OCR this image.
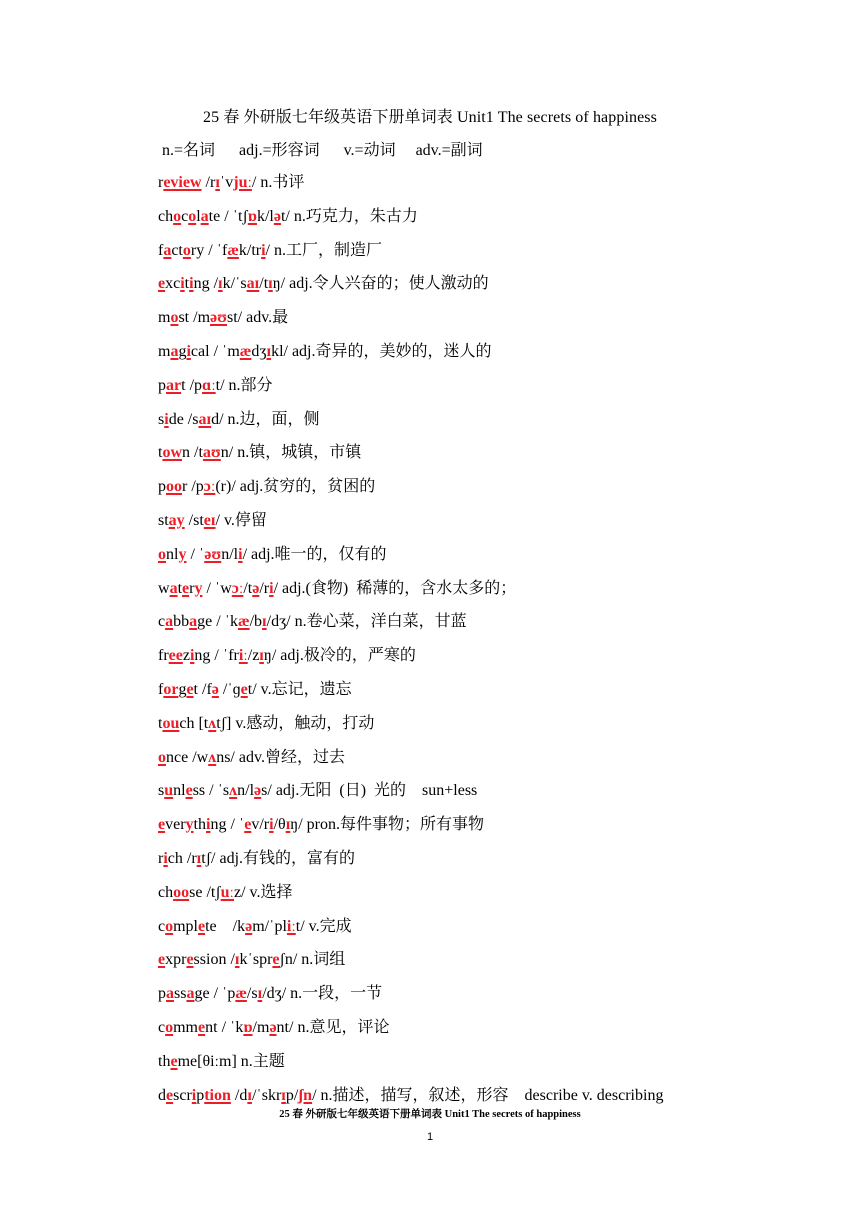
25 春 外研版七年级英语下册单词表 Unit1 The secrets of happiness
n.=名词      adj.=形容词      v.=动词     adv.=副词
review /rɪˈvjuː/ n.书评
chocolate / ˈtʃɒk/lət/ n.巧克力，朱古力
factory / ˈfæk/tri/ n.工厂，制造厂
exciting /ɪk/ˈsaɪ/tɪŋ/ adj.令人兴奋的；使人激动的
most /məʊst/ adv.最
magical / ˈmædʒɪkl/ adj.奇异的，美妙的，迷人的
part /pɑːt/ n.部分
side /saɪd/ n.边，面，侧
town /taʊn/ n.镇，城镇，市镇
poor /pɔː(r)/ adj.贫穷的，贫困的
stay /steɪ/ v.停留
only / ˈəʊn/li/ adj.唯一的，仅有的
watery / ˈwɔː/tə/ri/ adj.(食物)  稀薄的，含水太多的；
cabbage / ˈkæ/bɪ/dʒ/ n.卷心菜，洋白菜，甘蓝
freezing / ˈfriː/zɪŋ/ adj.极冷的，严寒的
forget /fə /ˈɡet/ v.忘记，遗忘
touch [tʌtʃ] v.感动，触动，打动
once /wʌns/ adv.曾经，过去
sunless / ˈsʌn/ləs/ adj.无阳  (日)  光的    sun+less
everything / ˈev/ri/θɪŋ/ pron.每件事物；所有事物
rich /rɪtʃ/ adj.有钱的，富有的
choose /tʃuːz/ v.选择
complete    /kəm/ˈpliːt/ v.完成
expression /ɪkˈspreʃn/ n.词组
passage / ˈpæ/sɪ/dʒ/ n.一段，一节
comment / ˈkɒ/mənt/ n.意见，评论
theme[θiːm] n.主题
description /dɪ/ˈskrɪp/ʃn/ n.描述，描写，叙述，形容    describe v. describing
25 春 外研版七年级英语下册单词表 Unit1 The secrets of happiness
1
